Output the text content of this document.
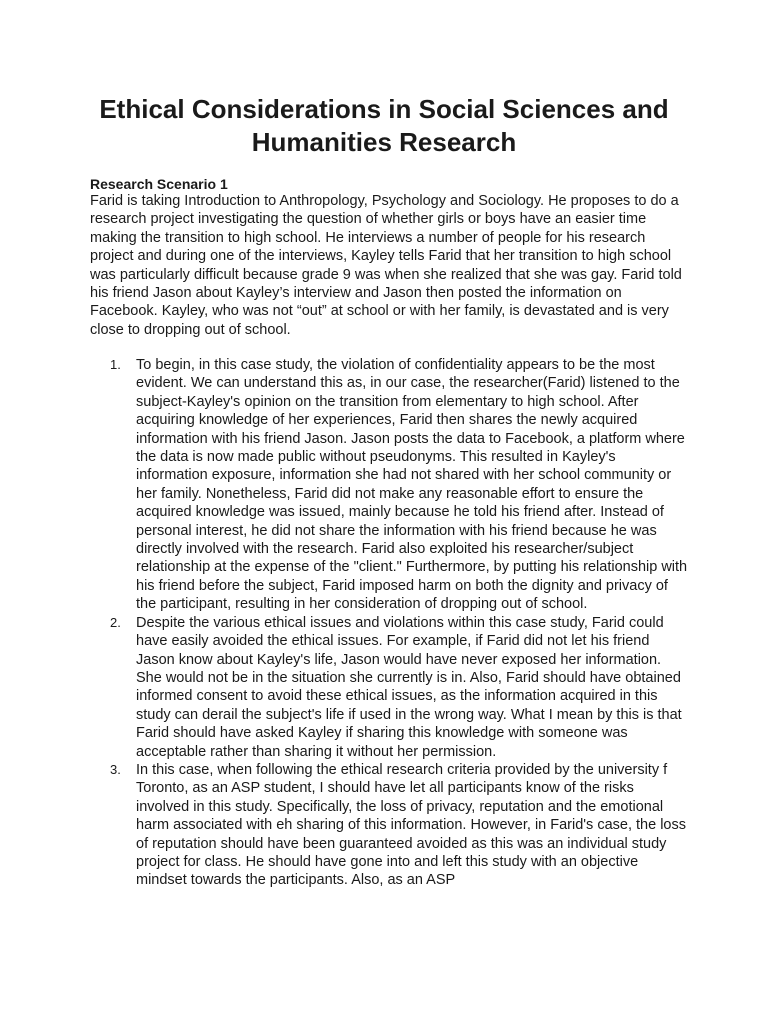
Ethical Considerations in Social Sciences and Humanities Research
Research Scenario 1

Farid is taking Introduction to Anthropology, Psychology and Sociology. He proposes to do a research project investigating the question of whether girls or boys have an easier time making the transition to high school. He interviews a number of people for his research project and during one of the interviews, Kayley tells Farid that her transition to high school was particularly difficult because grade 9 was when she realized that she was gay. Farid told his friend Jason about Kayley’s interview and Jason then posted the information on Facebook. Kayley, who was not “out” at school or with her family, is devastated and is very close to dropping out of school.

1. To begin, in this case study, the violation of confidentiality appears to be the most evident. We can understand this as, in our case, the researcher(Farid) listened to the subject-Kayley's opinion on the transition from elementary to high school. After acquiring knowledge of her experiences, Farid then shares the newly acquired information with his friend Jason. Jason posts the data to Facebook, a platform where the data is now made public without pseudonyms. This resulted in Kayley's information exposure, information she had not shared with her school community or her family. Nonetheless, Farid did not make any reasonable effort to ensure the acquired knowledge was issued, mainly because he told his friend after. Instead of personal interest, he did not share the information with his friend because he was directly involved with the research. Farid also exploited his researcher/subject relationship at the expense of the "client." Furthermore, by putting his relationship with his friend before the subject, Farid imposed harm on both the dignity and privacy of the participant, resulting in her consideration of dropping out of school.
2. Despite the various ethical issues and violations within this case study, Farid could have easily avoided the ethical issues. For example, if Farid did not let his friend Jason know about Kayley's life, Jason would have never exposed her information. She would not be in the situation she currently is in. Also, Farid should have obtained informed consent to avoid these ethical issues, as the information acquired in this study can derail the subject's life if used in the wrong way. What I mean by this is that Farid should have asked Kayley if sharing this knowledge with someone was acceptable rather than sharing it without her permission.
3. In this case, when following the ethical research criteria provided by the university f Toronto, as an ASP student, I should have let all participants know of the risks involved in this study. Specifically, the loss of privacy, reputation and the emotional harm associated with eh sharing of this information. However, in Farid's case, the loss of reputation should have been guaranteed avoided as this was an individual study project for class. He should have gone into and left this study with an objective mindset towards the participants. Also, as an ASP
